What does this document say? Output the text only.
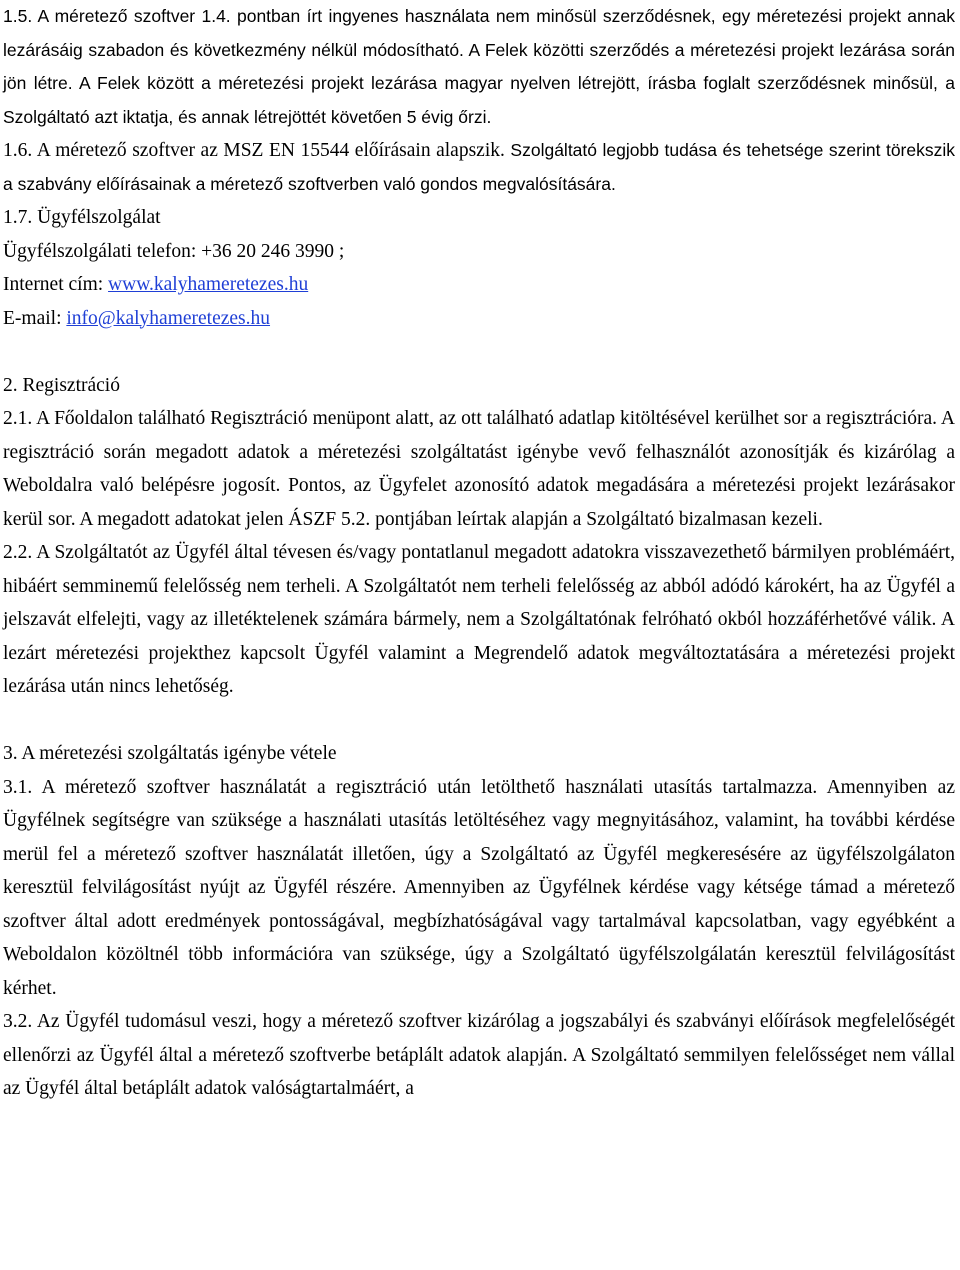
1.5. A méretező szoftver 1.4. pontban írt ingyenes használata nem minősül szerződésnek, egy méretezési projekt annak lezárásáig szabadon és következmény nélkül módosítható. A Felek közötti szerződés a méretezési projekt lezárása során jön létre. A Felek között a méretezési projekt lezárása magyar nyelven létrejött, írásba foglalt szerződésnek minősül, a Szolgáltató azt iktatja, és annak létrejöttét követően 5 évig őrzi.

1.6. A méretező szoftver az MSZ EN 15544 előírásain alapszik. Szolgáltató legjobb tudása és tehetsége szerint törekszik a szabvány előírásainak a méretező szoftverben való gondos megvalósítására.

1.7. Ügyfélszolgálat

Ügyfélszolgálati telefon: +36 20 246 3990 ;

Internet cím: www.kalyhameretezes.hu

E-mail: info@kalyhameretezes.hu

2. Regisztráció

2.1. A Főoldalon található Regisztráció menüpont alatt, az ott található adatlap kitöltésével kerülhet sor a regisztrációra. A regisztráció során megadott adatok a méretezési szolgáltatást igénybe vevő felhasználót azonosítják és kizárólag a Weboldalra való belépésre jogosít. Pontos, az Ügyfelet azonosító adatok megadására a méretezési projekt lezárásakor kerül sor. A megadott adatokat jelen ÁSZF 5.2. pontjában leírtak alapján a Szolgáltató bizalmasan kezeli.

2.2. A Szolgáltatót az Ügyfél által tévesen és/vagy pontatlanul megadott adatokra visszavezethető bármilyen problémáért, hibáért semminemű felelősség nem terheli. A Szolgáltatót nem terheli felelősség az abból adódó károkért, ha az Ügyfél a jelszavát elfelejti, vagy az illetéktelenek számára bármely, nem a Szolgáltatónak felróható okból hozzáférhetővé válik. A lezárt méretezési projekthez kapcsolt Ügyfél valamint a Megrendelő adatok megváltoztatására a méretezési projekt lezárása után nincs lehetőség.

3. A méretezési szolgáltatás igénybe vétele

3.1. A méretező szoftver használatát a regisztráció után letölthető használati utasítás tartalmazza. Amennyiben az Ügyfélnek segítségre van szüksége a használati utasítás letöltéséhez vagy megnyitásához, valamint, ha további kérdése merül fel a méretező szoftver használatát illetően, úgy a Szolgáltató az Ügyfél megkeresésére az ügyfélszolgálaton keresztül felvilágosítást nyújt az Ügyfél részére. Amennyiben az Ügyfélnek kérdése vagy kétsége támad a méretező szoftver által adott eredmények pontosságával, megbízhatóságával vagy tartalmával kapcsolatban, vagy egyébként a Weboldalon közöltnél több információra van szüksége, úgy a Szolgáltató ügyfélszolgálatán keresztül felvilágosítást kérhet.

3.2. Az Ügyfél tudomásul veszi, hogy a méretező szoftver kizárólag a jogszabályi és szabványi előírások megfelelőségét ellenőrzi az Ügyfél által a méretező szoftverbe betáplált adatok alapján. A Szolgáltató semmilyen felelősséget nem vállal az Ügyfél által betáplált adatok valóságtartalmáért, a
